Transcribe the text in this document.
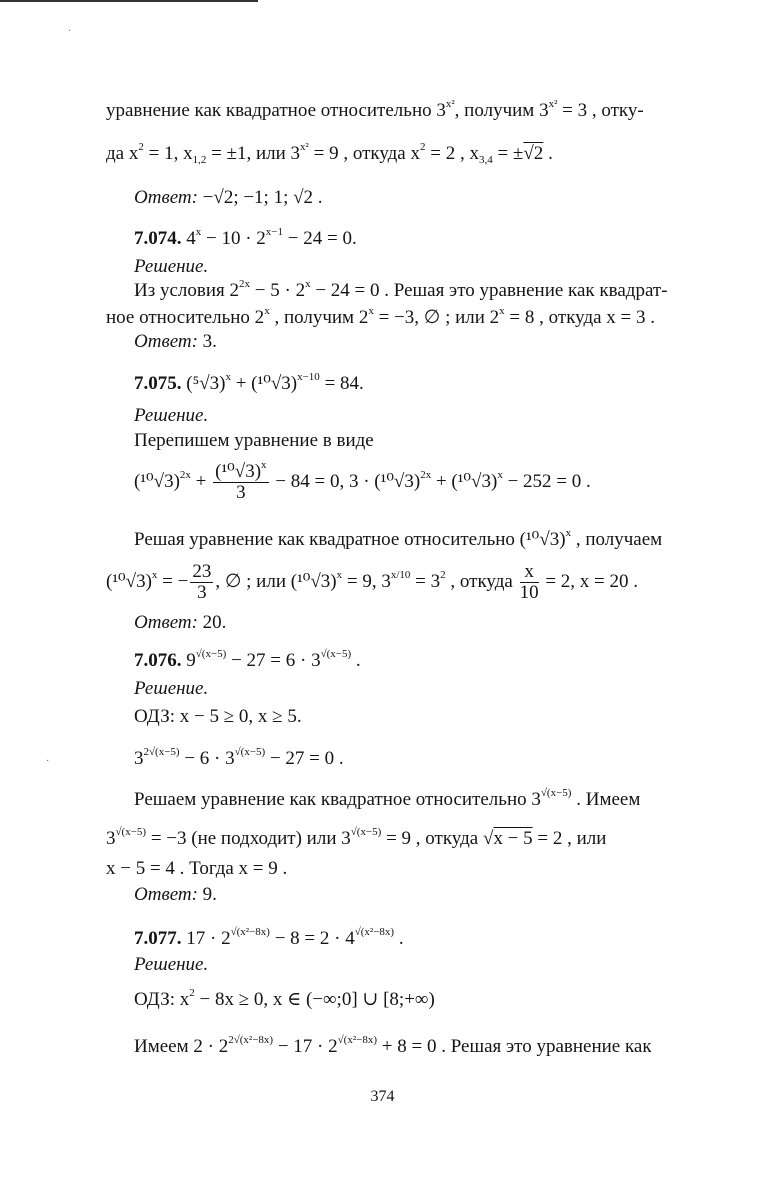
уравнение как квадратное относительно $3^{x^2}$, получим $3^{x^2} = 3$ , отку-
да $x^2 = 1$, $x_{1,2} = \pm 1$, или $3^{x^2} = 9$ , откуда $x^2 = 2$ , $x_{3,4} = \pm√2$ .
Ответ: −√2; −1; 1; √2 .
7.074. $4^x - 10 \cdot 2^{x-1} - 24 = 0$.
Решение.
Из условия $2^{2x} - 5 \cdot 2^x - 24 = 0$ . Решая это уравнение как квадрат-
ное относительно 2$^x$ , получим $2^x = -3$, ∅ ; или $2^x = 8$ , откуда x = 3 .
Ответ: 3.
7.075. $(^5√3)^x + (^{10}√3)^{x-10} = 84$.
Решение.
Перепишем уравнение в виде
$(^{10}√3)^{2x} + \frac{(^{10}√3)^x}{3} - 84 = 0$, $3 \cdot (^{10}√3)^{2x} + (^{10}√3)^x - 252 = 0$ .
Решая уравнение как квадратное относительно $(^{10}√3)^x$ , получаем
$(^{10}√3)^x$ = − $\frac{23}{3}$ , ∅ ; или $(^{10}√3)^x = 9$, $3^{x/10} = 3^2$ , откуда $\frac{x}{10} = 2$, x = 20 .
Ответ: 20.
7.076. $9^{√(x-5)} - 27 = 6 \cdot 3^{√(x-5)}$ .
Решение.
ОДЗ: x − 5 ≥ 0, x ≥ 5.
$3^{2√(x-5)} - 6 \cdot 3^{√(x-5)} - 27 = 0$ .
Решаем уравнение как квадратное относительно $3^{√(x-5)}$ . Имеем
$3^{√(x-5)} = -3$ (не подходит) или $3^{√(x-5)} = 9$ , откуда √x − 5 = 2 , или
x − 5 = 4 . Тогда x = 9 .
Ответ: 9.
7.077. $17 \cdot 2^{√(x^2-8x)} - 8 = 2 \cdot 4^{√(x^2-8x)}$ .
Решение.
ОДЗ: $x^2 - 8x \ge 0$, x ∈ (−∞;0] ∪ [8;+∞)
Имеем $2 \cdot 2^{2√(x^2-8x)} - 17 \cdot 2^{√(x^2-8x)} + 8 = 0$ . Решая это уравнение как
374
·
·
